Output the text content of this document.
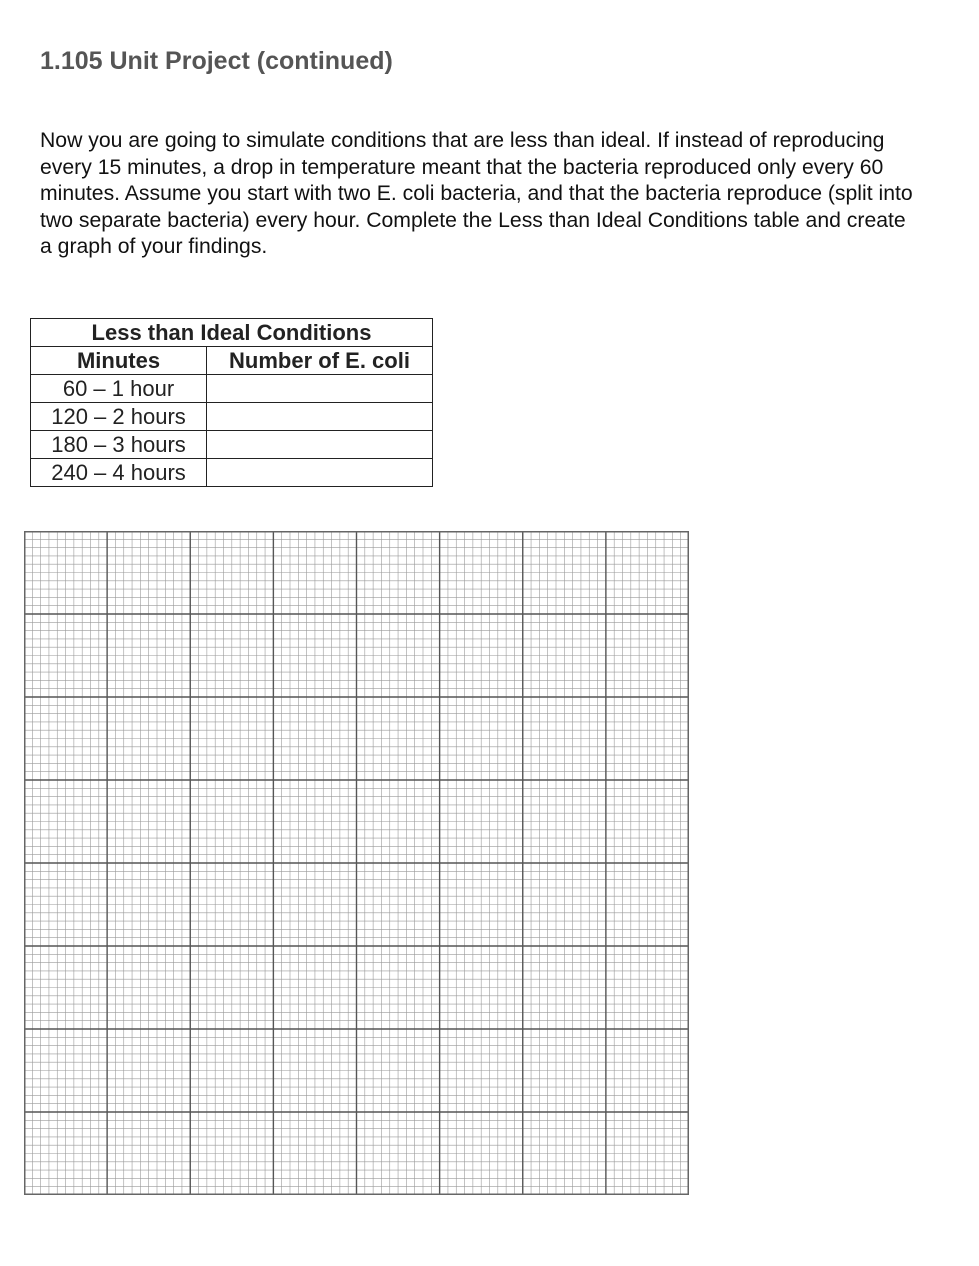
1.105 Unit Project (continued)

Now you are going to simulate conditions that are less than ideal. If instead of reproducing every 15 minutes, a drop in temperature meant that the bacteria reproduced only every 60 minutes. Assume you start with two E. coli bacteria, and that the bacteria reproduce (split into two separate bacteria) every hour. Complete the Less than Ideal Conditions table and create a graph of your findings.

Less than Ideal Conditions	
Minutes	Number of E. coli
60 – 1 hour	
120 – 2 hours	
180 – 3 hours	
240 – 4 hours	
